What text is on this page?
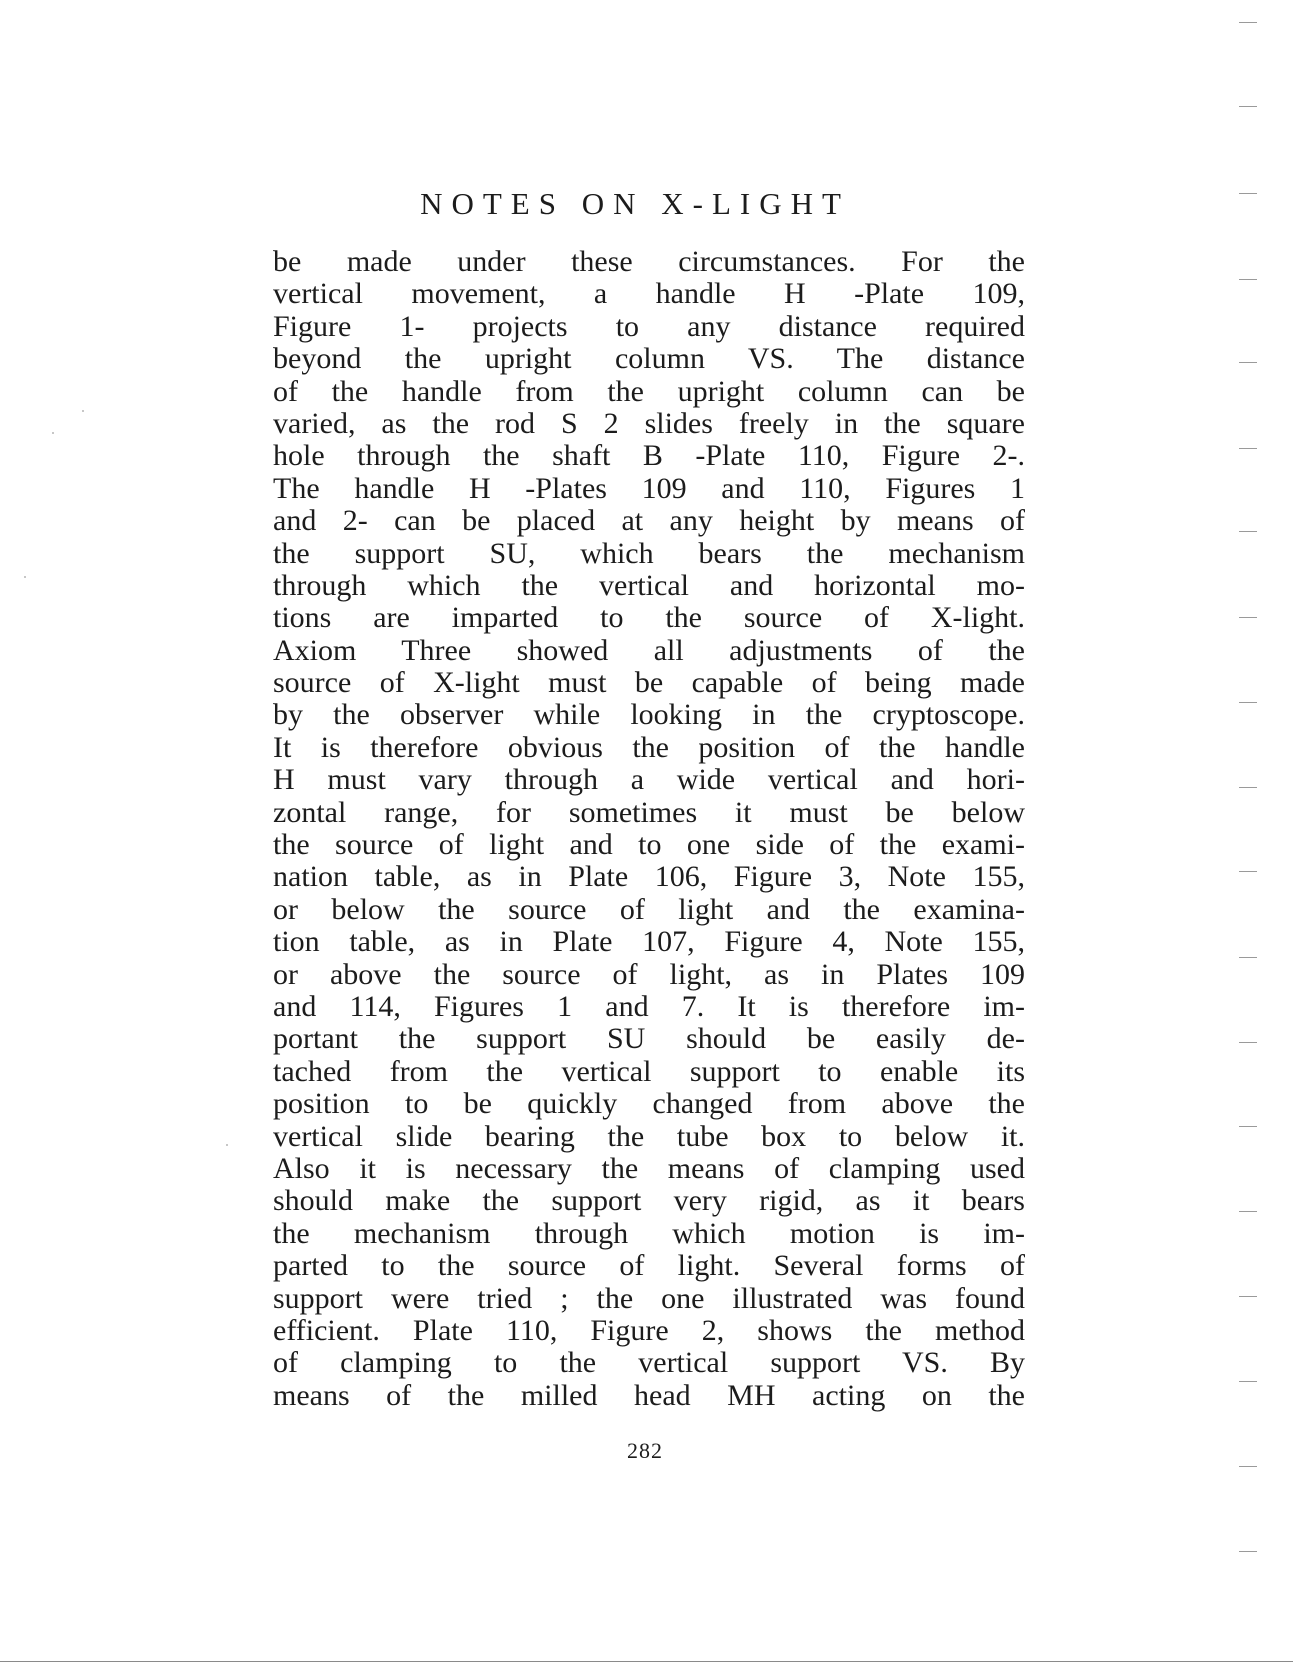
NOTES ON X-LIGHT
be made under these circumstances. For the
vertical movement, a handle H -Plate 109,
Figure 1- projects to any distance required
beyond the upright column VS. The distance
of the handle from the upright column can be
varied, as the rod S 2 slides freely in the square
hole through the shaft B -Plate 110, Figure 2-.
The handle H -Plates 109 and 110, Figures 1
and 2- can be placed at any height by means of
the support SU, which bears the mechanism
through which the vertical and horizontal mo-
tions are imparted to the source of X-light.
Axiom Three showed all adjustments of the
source of X-light must be capable of being made
by the observer while looking in the cryptoscope.
It is therefore obvious the position of the handle
H must vary through a wide vertical and hori-
zontal range, for sometimes it must be below
the source of light and to one side of the exami-
nation table, as in Plate 106, Figure 3, Note 155,
or below the source of light and the examina-
tion table, as in Plate 107, Figure 4, Note 155,
or above the source of light, as in Plates 109
and 114, Figures 1 and 7. It is therefore im-
portant the support SU should be easily de-
tached from the vertical support to enable its
position to be quickly changed from above the
vertical slide bearing the tube box to below it.
Also it is necessary the means of clamping used
should make the support very rigid, as it bears
the mechanism through which motion is im-
parted to the source of light. Several forms of
support were tried ; the one illustrated was found
efficient. Plate 110, Figure 2, shows the method
of clamping to the vertical support VS. By
means of the milled head MH acting on the
282
